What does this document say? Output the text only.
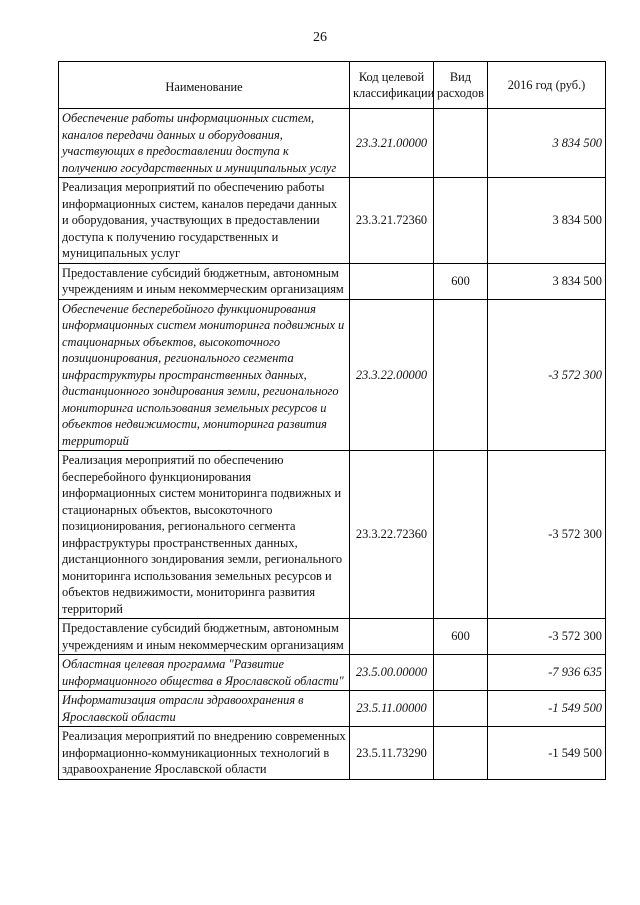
26
Наименование	Код целевой классификации	Вид расходов	2016 год (руб.)
Обеспечение работы информационных систем, каналов передачи данных и оборудования, участвующих в предоставлении доступа к получению государственных и муниципальных услуг	23.3.21.00000		3 834 500
Реализация мероприятий по обеспечению работы информационных систем, каналов передачи данных и оборудования, участвующих в предоставлении доступа к получению государственных и муниципальных услуг	23.3.21.72360		3 834 500
Предоставление субсидий бюджетным, автономным учреждениям и иным некоммерческим организациям		600	3 834 500
Обеспечение бесперебойного функционирования информационных систем мониторинга подвижных и стационарных объектов, высокоточного позиционирования, регионального сегмента инфраструктуры пространственных данных, дистанционного зондирования земли, регионального мониторинга использования земельных ресурсов и объектов недвижимости, мониторинга развития территорий	23.3.22.00000		-3 572 300
Реализация мероприятий по обеспечению бесперебойного функционирования информационных систем мониторинга подвижных и стационарных объектов, высокоточного позиционирования, регионального сегмента инфраструктуры пространственных данных, дистанционного зондирования земли, регионального мониторинга использования земельных ресурсов и объектов недвижимости, мониторинга развития территорий	23.3.22.72360		-3 572 300
Предоставление субсидий бюджетным, автономным учреждениям и иным некоммерческим организациям		600	-3 572 300
Областная целевая программа "Развитие информационного общества в Ярославской области"	23.5.00.00000		-7 936 635
Информатизация отрасли здравоохранения в Ярославской области	23.5.11.00000		-1 549 500
Реализация мероприятий по внедрению современных информационно-коммуникационных технологий в здравоохранение Ярославской области	23.5.11.73290		-1 549 500
